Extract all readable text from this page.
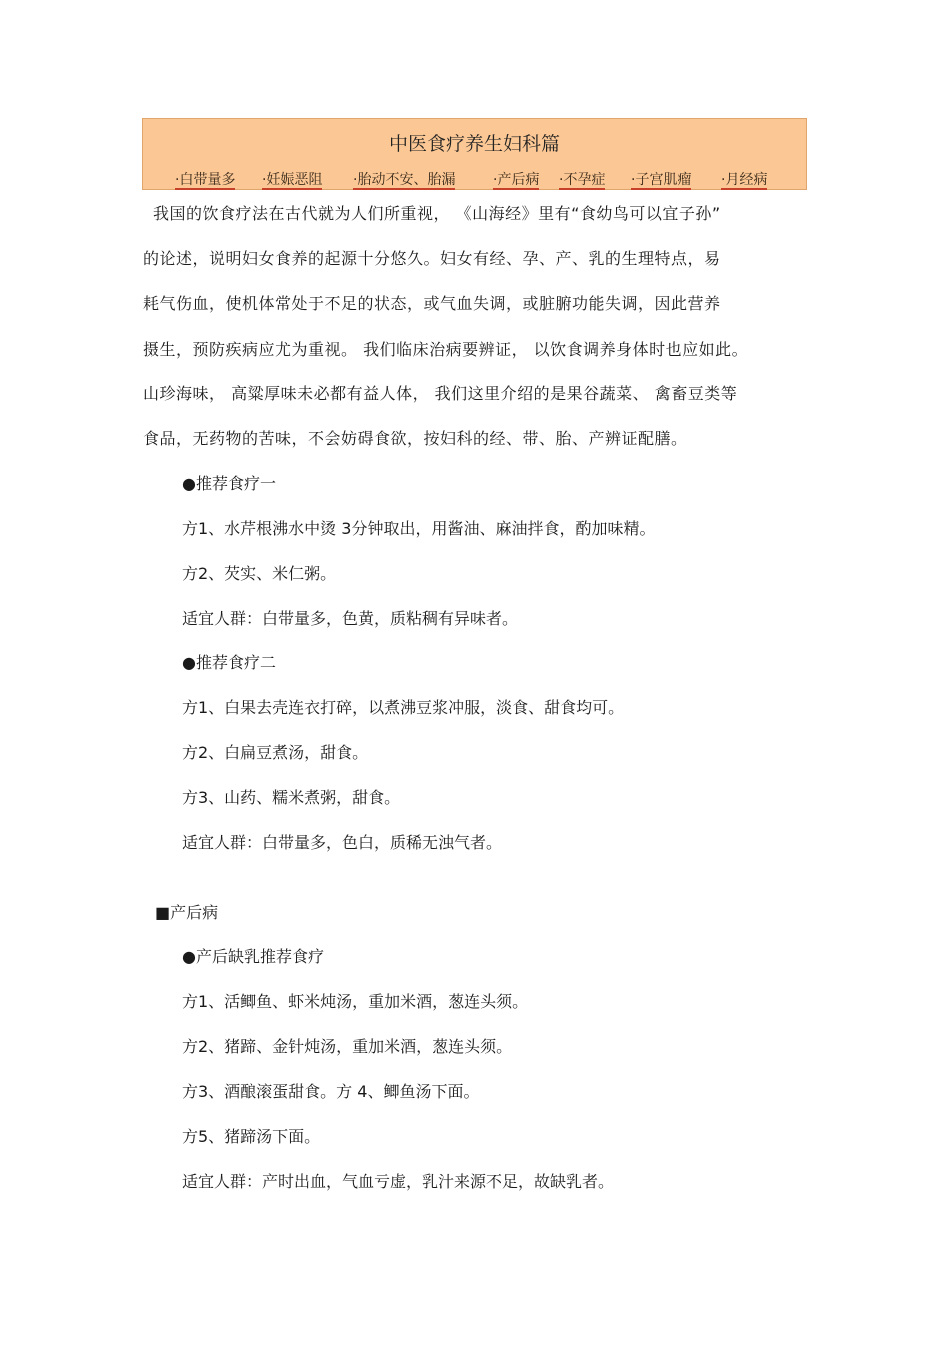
中医食疗养生妇科篇
·白带量多 ·妊娠恶阻 ·胎动不安、胎漏	·产后病 ·不孕症 ·子宫肌瘤 ·月经病
我国的饮食疗法在古代就为人们所重视， 《山海经》里有“食幼鸟可以宜子孙”
的论述，说明妇女食养的起源十分悠久。妇女有经、孕、产、乳的生理特点，易
耗气伤血，使机体常处于不足的状态，或气血失调，或脏腑功能失调，因此营养
摄生，预防疾病应尤为重视。 我们临床治病要辨证， 以饮食调养身体时也应如此。
山珍海味， 高粱厚味未必都有益人体， 我们这里介绍的是果谷蔬菜、 禽畜豆类等
食品，无药物的苦味，不会妨碍食欲，按妇科的经、带、胎、产辨证配膳。
●推荐食疗一
方1、水芹根沸水中烫 3分钟取出，用酱油、麻油拌食，酌加味精。
方2、芡实、米仁粥。
适宜人群：白带量多，色黄，质粘稠有异味者。
●推荐食疗二
方1、白果去壳连衣打碎，以煮沸豆浆冲服，淡食、甜食均可。
方2、白扁豆煮汤，甜食。
方3、山药、糯米煮粥，甜食。
适宜人群：白带量多，色白，质稀无浊气者。
■产后病
●产后缺乳推荐食疗
方1、活鲫鱼、虾米炖汤，重加米酒，葱连头须。
方2、猪蹄、金针炖汤，重加米酒，葱连头须。
方3、酒酿滚蛋甜食。方 4、鲫鱼汤下面。
方5、猪蹄汤下面。
适宜人群：产时出血，气血亏虚，乳汁来源不足，故缺乳者。
